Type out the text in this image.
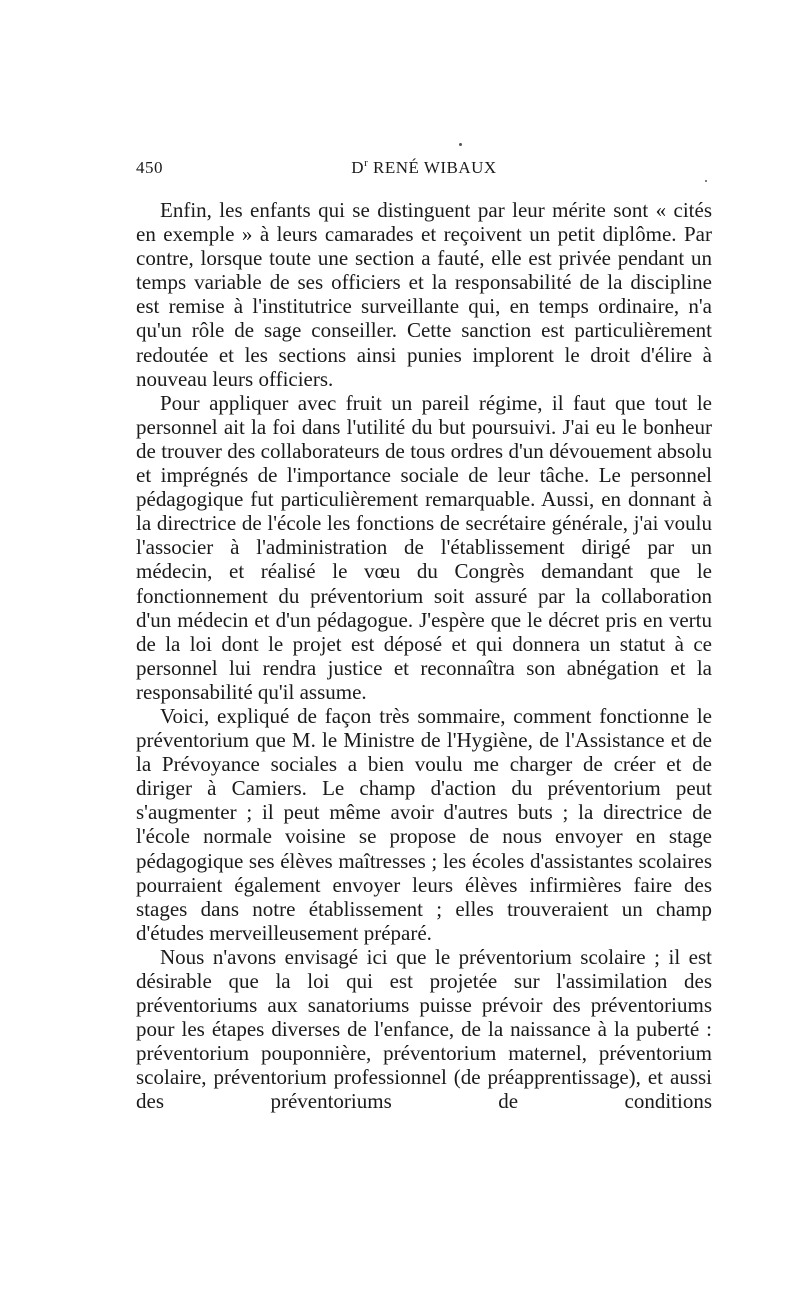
450	$D^r$ RENÉ WIBAUX

Enfin, les enfants qui se distinguent par leur mérite sont « cités en exemple » à leurs camarades et reçoivent un petit diplôme. Par contre, lorsque toute une section a fauté, elle est privée pendant un temps variable de ses officiers et la responsabilité de la discipline est remise à l'institutrice surveillante qui, en temps ordinaire, n'a qu'un rôle de sage conseiller. Cette sanction est particulièrement redoutée et les sections ainsi punies implorent le droit d'élire à nouveau leurs officiers.

Pour appliquer avec fruit un pareil régime, il faut que tout le personnel ait la foi dans l'utilité du but poursuivi. J'ai eu le bonheur de trouver des collaborateurs de tous ordres d'un dévouement absolu et imprégnés de l'importance sociale de leur tâche. Le personnel pédagogique fut particulièrement remarquable. Aussi, en donnant à la directrice de l'école les fonctions de secrétaire générale, j'ai voulu l'associer à l'administration de l'établissement dirigé par un médecin, et réalisé le vœu du Congrès demandant que le fonctionnement du préventorium soit assuré par la collaboration d'un médecin et d'un pédagogue. J'espère que le décret pris en vertu de la loi dont le projet est déposé et qui donnera un statut à ce personnel lui rendra justice et reconnaîtra son abnégation et la responsabilité qu'il assume.

Voici, expliqué de façon très sommaire, comment fonctionne le préventorium que M. le Ministre de l'Hygiène, de l'Assistance et de la Prévoyance sociales a bien voulu me charger de créer et de diriger à Camiers. Le champ d'action du préventorium peut s'augmenter ; il peut même avoir d'autres buts ; la directrice de l'école normale voisine se propose de nous envoyer en stage pédagogique ses élèves maîtresses ; les écoles d'assistantes scolaires pourraient également envoyer leurs élèves infirmières faire des stages dans notre établissement ; elles trouveraient un champ d'études merveilleusement préparé.

Nous n'avons envisagé ici que le préventorium scolaire ; il est désirable que la loi qui est projetée sur l'assimilation des préventoriums aux sanatoriums puisse prévoir des préventoriums pour les étapes diverses de l'enfance, de la naissance à la puberté : préventorium pouponnière, préventorium maternel, préventorium scolaire, préventorium professionnel (de préapprentissage), et aussi des préventoriums de conditions
